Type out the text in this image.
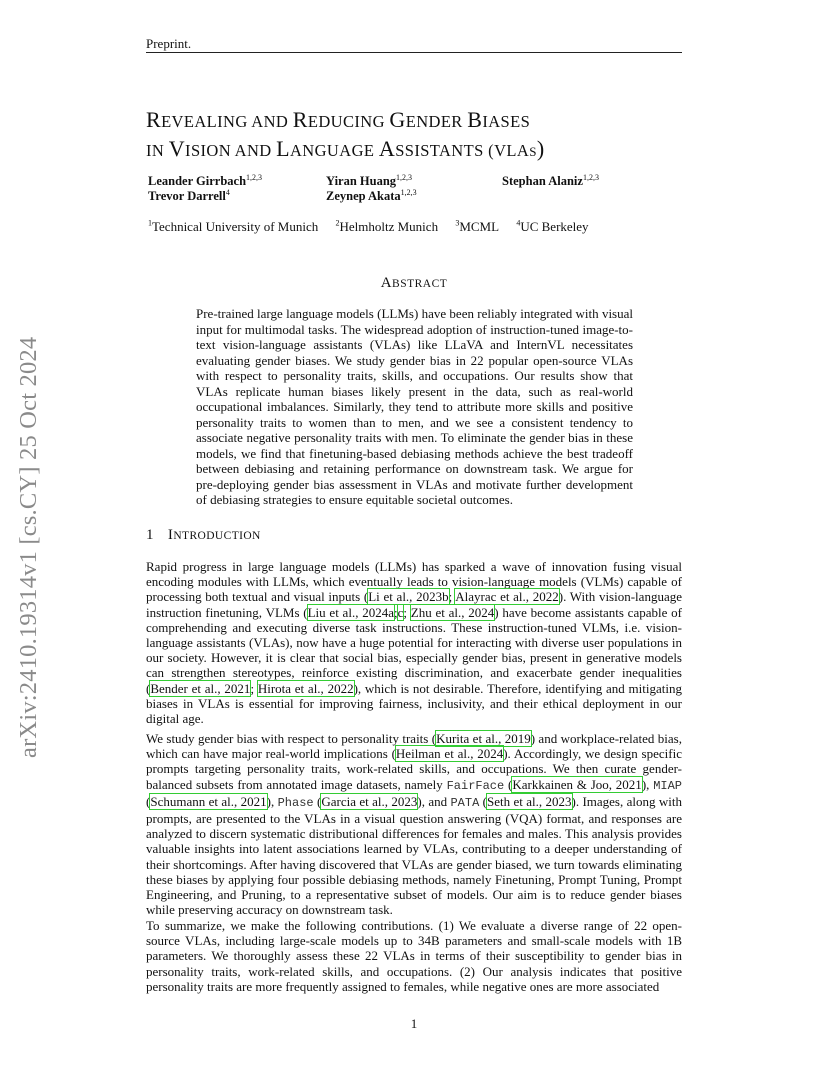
Preprint.
arXiv:2410.19314v1 [cs.CY] 25 Oct 2024
REVEALING AND REDUCING GENDER BIASES
IN VISION AND LANGUAGE ASSISTANTS (VLAS)
Leander Girrbach$^{1,2,3}$	Yiran Huang$^{1,2,3}$	Stephan Alaniz$^{1,2,3}$
Trevor Darrell$^4$	Zeynep Akata$^{1,2,3}$
$^1$Technical University of Munich $^2$Helmholtz Munich $^3$MCML $^4$UC Berkeley
ABSTRACT
Pre-trained large language models (LLMs) have been reliably integrated with visual input for multimodal tasks. The widespread adoption of instruction-tuned image-to-text vision-language assistants (VLAs) like LLaVA and InternVL necessitates evaluating gender biases. We study gender bias in 22 popular open-source VLAs with respect to personality traits, skills, and occupations. Our results show that VLAs replicate human biases likely present in the data, such as real-world occupational imbalances. Similarly, they tend to attribute more skills and positive personality traits to women than to men, and we see a consistent tendency to associate negative personality traits with men. To eliminate the gender bias in these models, we find that finetuning-based debiasing methods achieve the best tradeoff between debiasing and retaining performance on downstream task. We argue for pre-deploying gender bias assessment in VLAs and motivate further development of debiasing strategies to ensure equitable societal outcomes.
1 INTRODUCTION
Rapid progress in large language models (LLMs) has sparked a wave of innovation fusing visual encoding modules with LLMs, which eventually leads to vision-language models (VLMs) capable of processing both textual and visual inputs (Li et al., 2023b; Alayrac et al., 2022). With vision-language instruction finetuning, VLMs (Liu et al., 2024a;c; Zhu et al., 2024) have become assistants capable of comprehending and executing diverse task instructions. These instruction-tuned VLMs, i.e. vision-language assistants (VLAs), now have a huge potential for interacting with diverse user populations in our society. However, it is clear that social bias, especially gender bias, present in generative models can strengthen stereotypes, reinforce existing discrimination, and exacerbate gender inequalities (Bender et al., 2021; Hirota et al., 2022), which is not desirable. Therefore, identifying and mitigating biases in VLAs is essential for improving fairness, inclusivity, and their ethical deployment in our digital age.
We study gender bias with respect to personality traits (Kurita et al., 2019) and workplace-related bias, which can have major real-world implications (Heilman et al., 2024). Accordingly, we design specific prompts targeting personality traits, work-related skills, and occupations. We then curate gender-balanced subsets from annotated image datasets, namely FairFace (Karkkainen & Joo, 2021), MIAP (Schumann et al., 2021), Phase (Garcia et al., 2023), and PATA (Seth et al., 2023). Images, along with prompts, are presented to the VLAs in a visual question answering (VQA) format, and responses are analyzed to discern systematic distributional differences for females and males. This analysis provides valuable insights into latent associations learned by VLAs, contributing to a deeper understanding of their shortcomings. After having discovered that VLAs are gender biased, we turn towards eliminating these biases by applying four possible debiasing methods, namely Finetuning, Prompt Tuning, Prompt Engineering, and Pruning, to a representative subset of models. Our aim is to reduce gender biases while preserving accuracy on downstream task.
To summarize, we make the following contributions. (1) We evaluate a diverse range of 22 open-source VLAs, including large-scale models up to 34B parameters and small-scale models with 1B parameters. We thoroughly assess these 22 VLAs in terms of their susceptibility to gender bias in personality traits, work-related skills, and occupations. (2) Our analysis indicates that positive personality traits are more frequently assigned to females, while negative ones are more associated
1
